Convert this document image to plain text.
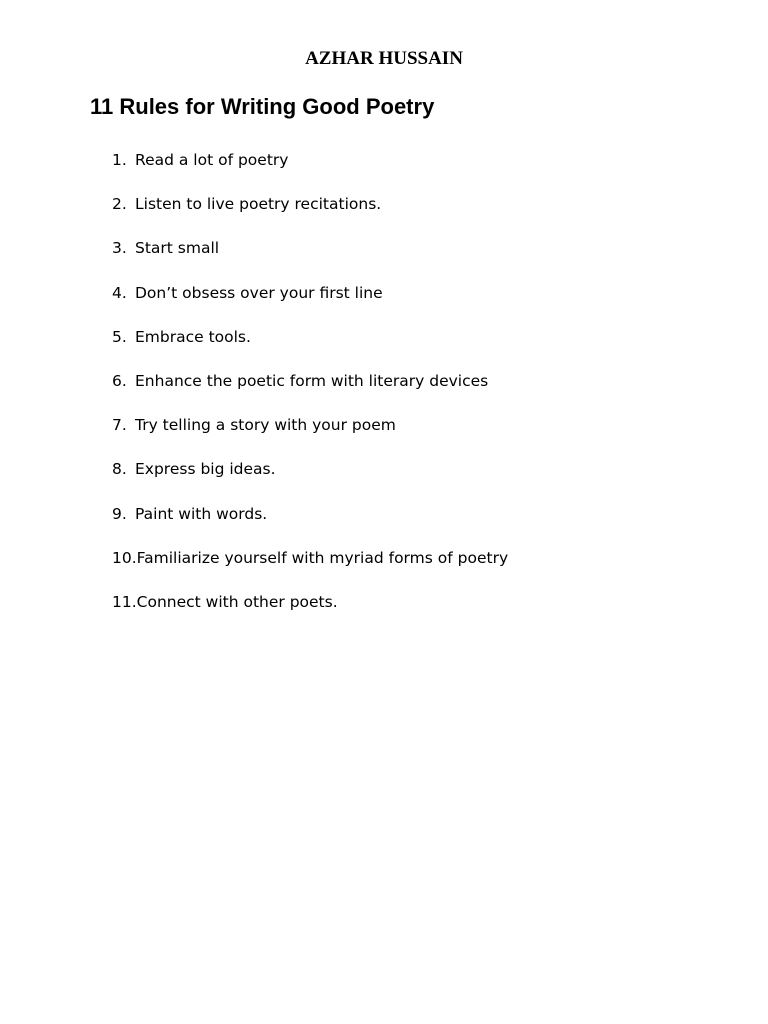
AZHAR HUSSAIN
11 Rules for Writing Good Poetry
1. Read a lot of poetry
2. Listen to live poetry recitations.
3. Start small
4. Don’t obsess over your first line
5. Embrace tools.
6. Enhance the poetic form with literary devices
7. Try telling a story with your poem
8. Express big ideas.
9. Paint with words.
10. Familiarize yourself with myriad forms of poetry
11. Connect with other poets.
